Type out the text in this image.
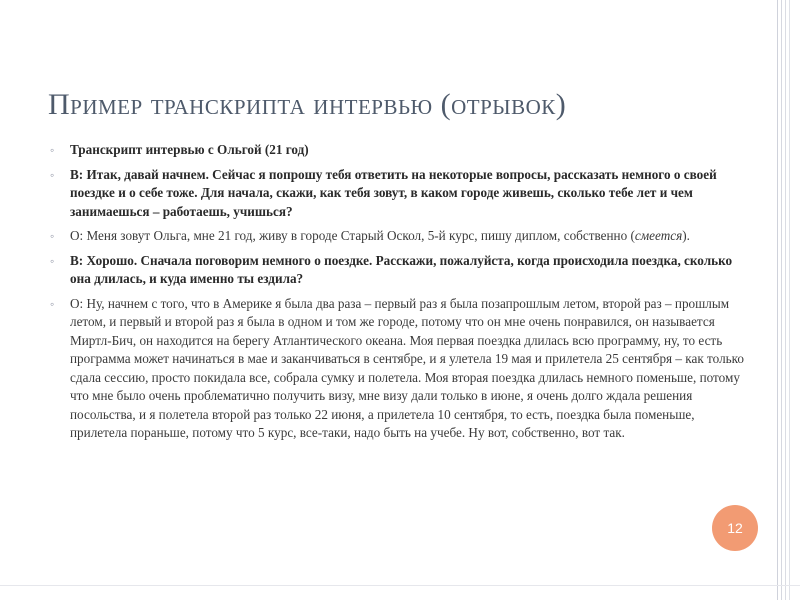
Пример транскрипта интервью (отрывок)
◦ Транскрипт интервью с Ольгой (21 год)
◦ В: Итак, давай начнем. Сейчас я попрошу тебя ответить на некоторые вопросы, рассказать немного о своей поездке и о себе тоже. Для начала, скажи, как тебя зовут, в каком городе живешь, сколько тебе лет и чем занимаешься – работаешь, учишься?
◦ О: Меня зовут Ольга, мне 21 год, живу в городе Старый Оскол, 5-й курс, пишу диплом, собственно (смеется).
◦ В: Хорошо. Сначала поговорим немного о поездке. Расскажи, пожалуйста, когда происходила поездка, сколько она длилась, и куда именно ты ездила?
◦ О: Ну, начнем с того, что в Америке я была два раза – первый раз я была позапрошлым летом, второй раз – прошлым летом, и первый и второй раз я была в одном и том же городе, потому что он мне очень понравился, он называется Миртл-Бич, он находится на берегу Атлантического океана. Моя первая поездка длилась всю программу, ну, то есть программа может начинаться в мае и заканчиваться в сентябре, и я улетела 19 мая и прилетела 25 сентября – как только сдала сессию, просто покидала все, собрала сумку и полетела. Моя вторая поездка длилась немного поменьше, потому что мне было очень проблематично получить визу, мне визу дали только в июне, я очень долго ждала решения посольства, и я полетела второй раз только 22 июня, а прилетела 10 сентября, то есть, поездка была поменьше, прилетела пораньше, потому что 5 курс, все-таки, надо быть на учебе. Ну вот, собственно, вот так.
12
